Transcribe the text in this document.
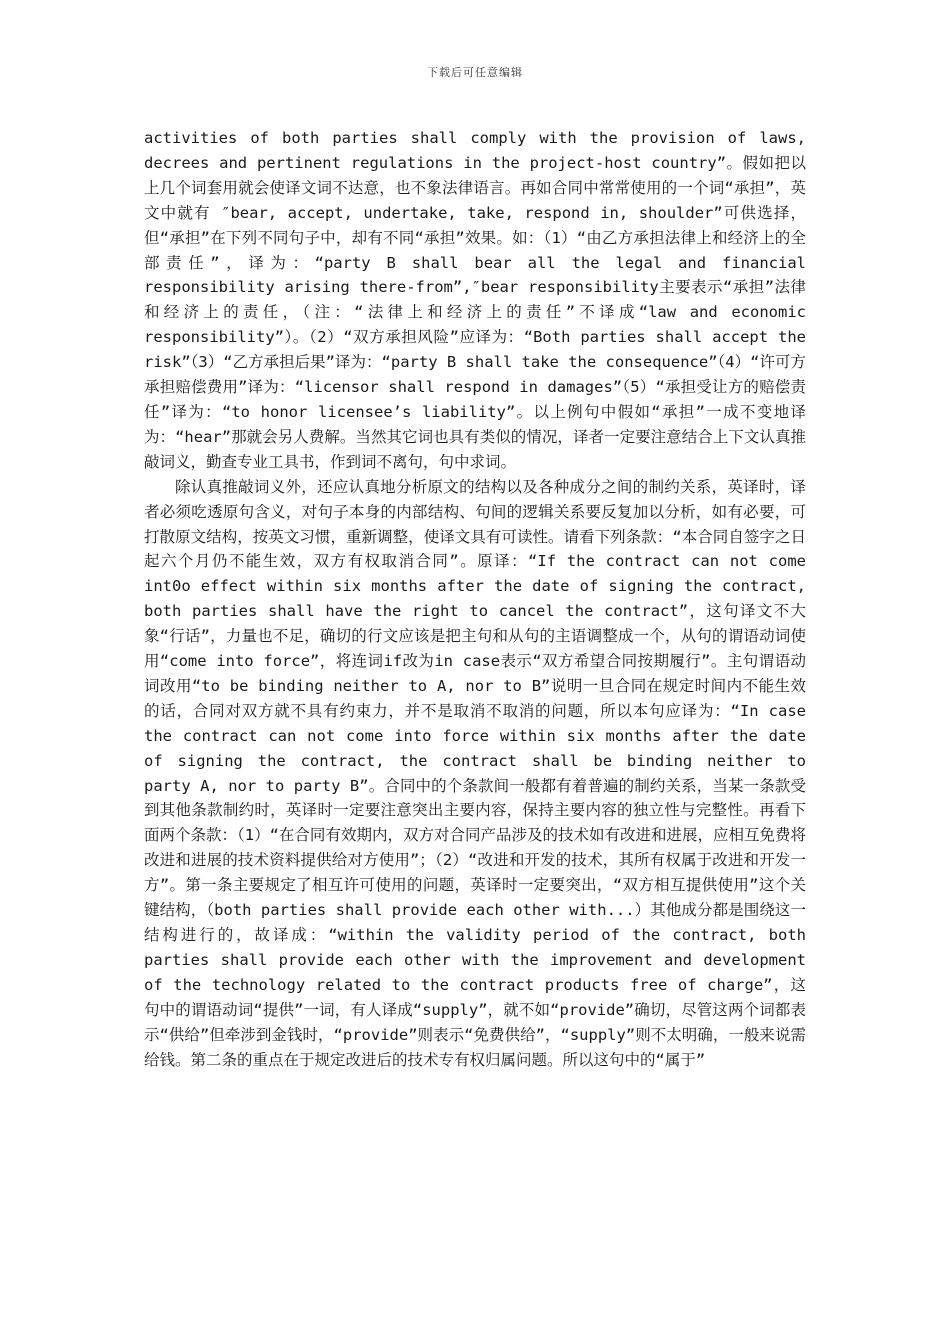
下载后可任意编辑

activities of both parties shall comply with the provision of laws, decrees and pertinent regulations in the project-host country”。假如把以上几个词套用就会使译文词不达意，也不象法律语言。再如合同中常常使用的一个词“承担”，英文中就有 ″bear, accept, undertake, take, respond in, shoulder”可供选择，但“承担”在下列不同句子中，却有不同“承担”效果。如：（1）“由乙方承担法律上和经济上的全部责任”，译为：“party B shall bear all the legal and financial responsibility arising there-from”,″bear responsibility主要表示“承担”法律和经济上的责任，（注：“法律上和经济上的责任”不译成“law and economic responsibility”）。（2）“双方承担风险”应译为：“Both parties shall accept the risk”（3）“乙方承担后果”译为：“party B shall take the consequence”（4）“许可方承担赔偿费用”译为：“licensor shall respond in damages”（5）“承担受让方的赔偿责任”译为：“to honor licensee’s liability”。以上例句中假如“承担”一成不变地译为：“hear”那就会另人费解。当然其它词也具有类似的情况，译者一定要注意结合上下文认真推敲词义，勤查专业工具书，作到词不离句，句中求词。

除认真推敲词义外，还应认真地分析原文的结构以及各种成分之间的制约关系，英译时，译者必须吃透原句含义，对句子本身的内部结构、句间的逻辑关系要反复加以分析，如有必要，可打散原文结构，按英文习惯，重新调整，使译文具有可读性。请看下列条款：“本合同自签字之日起六个月仍不能生效，双方有权取消合同”。原译：“If the contract can not come int0o effect within six months after the date of signing the contract, both parties shall have the right to cancel the contract”，这句译文不大象“行话”，力量也不足，确切的行文应该是把主句和从句的主语调整成一个，从句的谓语动词使用“come into force”，将连词if改为in case表示“双方希望合同按期履行”。主句谓语动词改用“to be binding neither to A, nor to B”说明一旦合同在规定时间内不能生效的话，合同对双方就不具有约束力，并不是取消不取消的问题，所以本句应译为：“In case the contract can not come into force within six months after the date of signing the contract, the contract shall be binding neither to party A, nor to party B”。合同中的个条款间一般都有着普遍的制约关系，当某一条款受到其他条款制约时，英译时一定要注意突出主要内容，保持主要内容的独立性与完整性。再看下面两个条款：（1）“在合同有效期内，双方对合同产品涉及的技术如有改进和进展，应相互免费将改进和进展的技术资料提供给对方使用”；（2）“改进和开发的技术，其所有权属于改进和开发一方”。第一条主要规定了相互许可使用的问题，英译时一定要突出，“双方相互提供使用”这个关键结构，（both parties shall provide each other with...）其他成分都是围绕这一结构进行的，故译成：“within the validity period of the contract, both parties shall provide each other with the improvement and development of the technology related to the contract products free of charge”，这句中的谓语动词“提供”一词，有人译成“supply”，就不如“provide”确切，尽管这两个词都表示“供给”但牵涉到金钱时，“provide”则表示“免费供给”，“supply”则不太明确，一般来说需给钱。第二条的重点在于规定改进后的技术专有权归属问题。所以这句中的“属于”
